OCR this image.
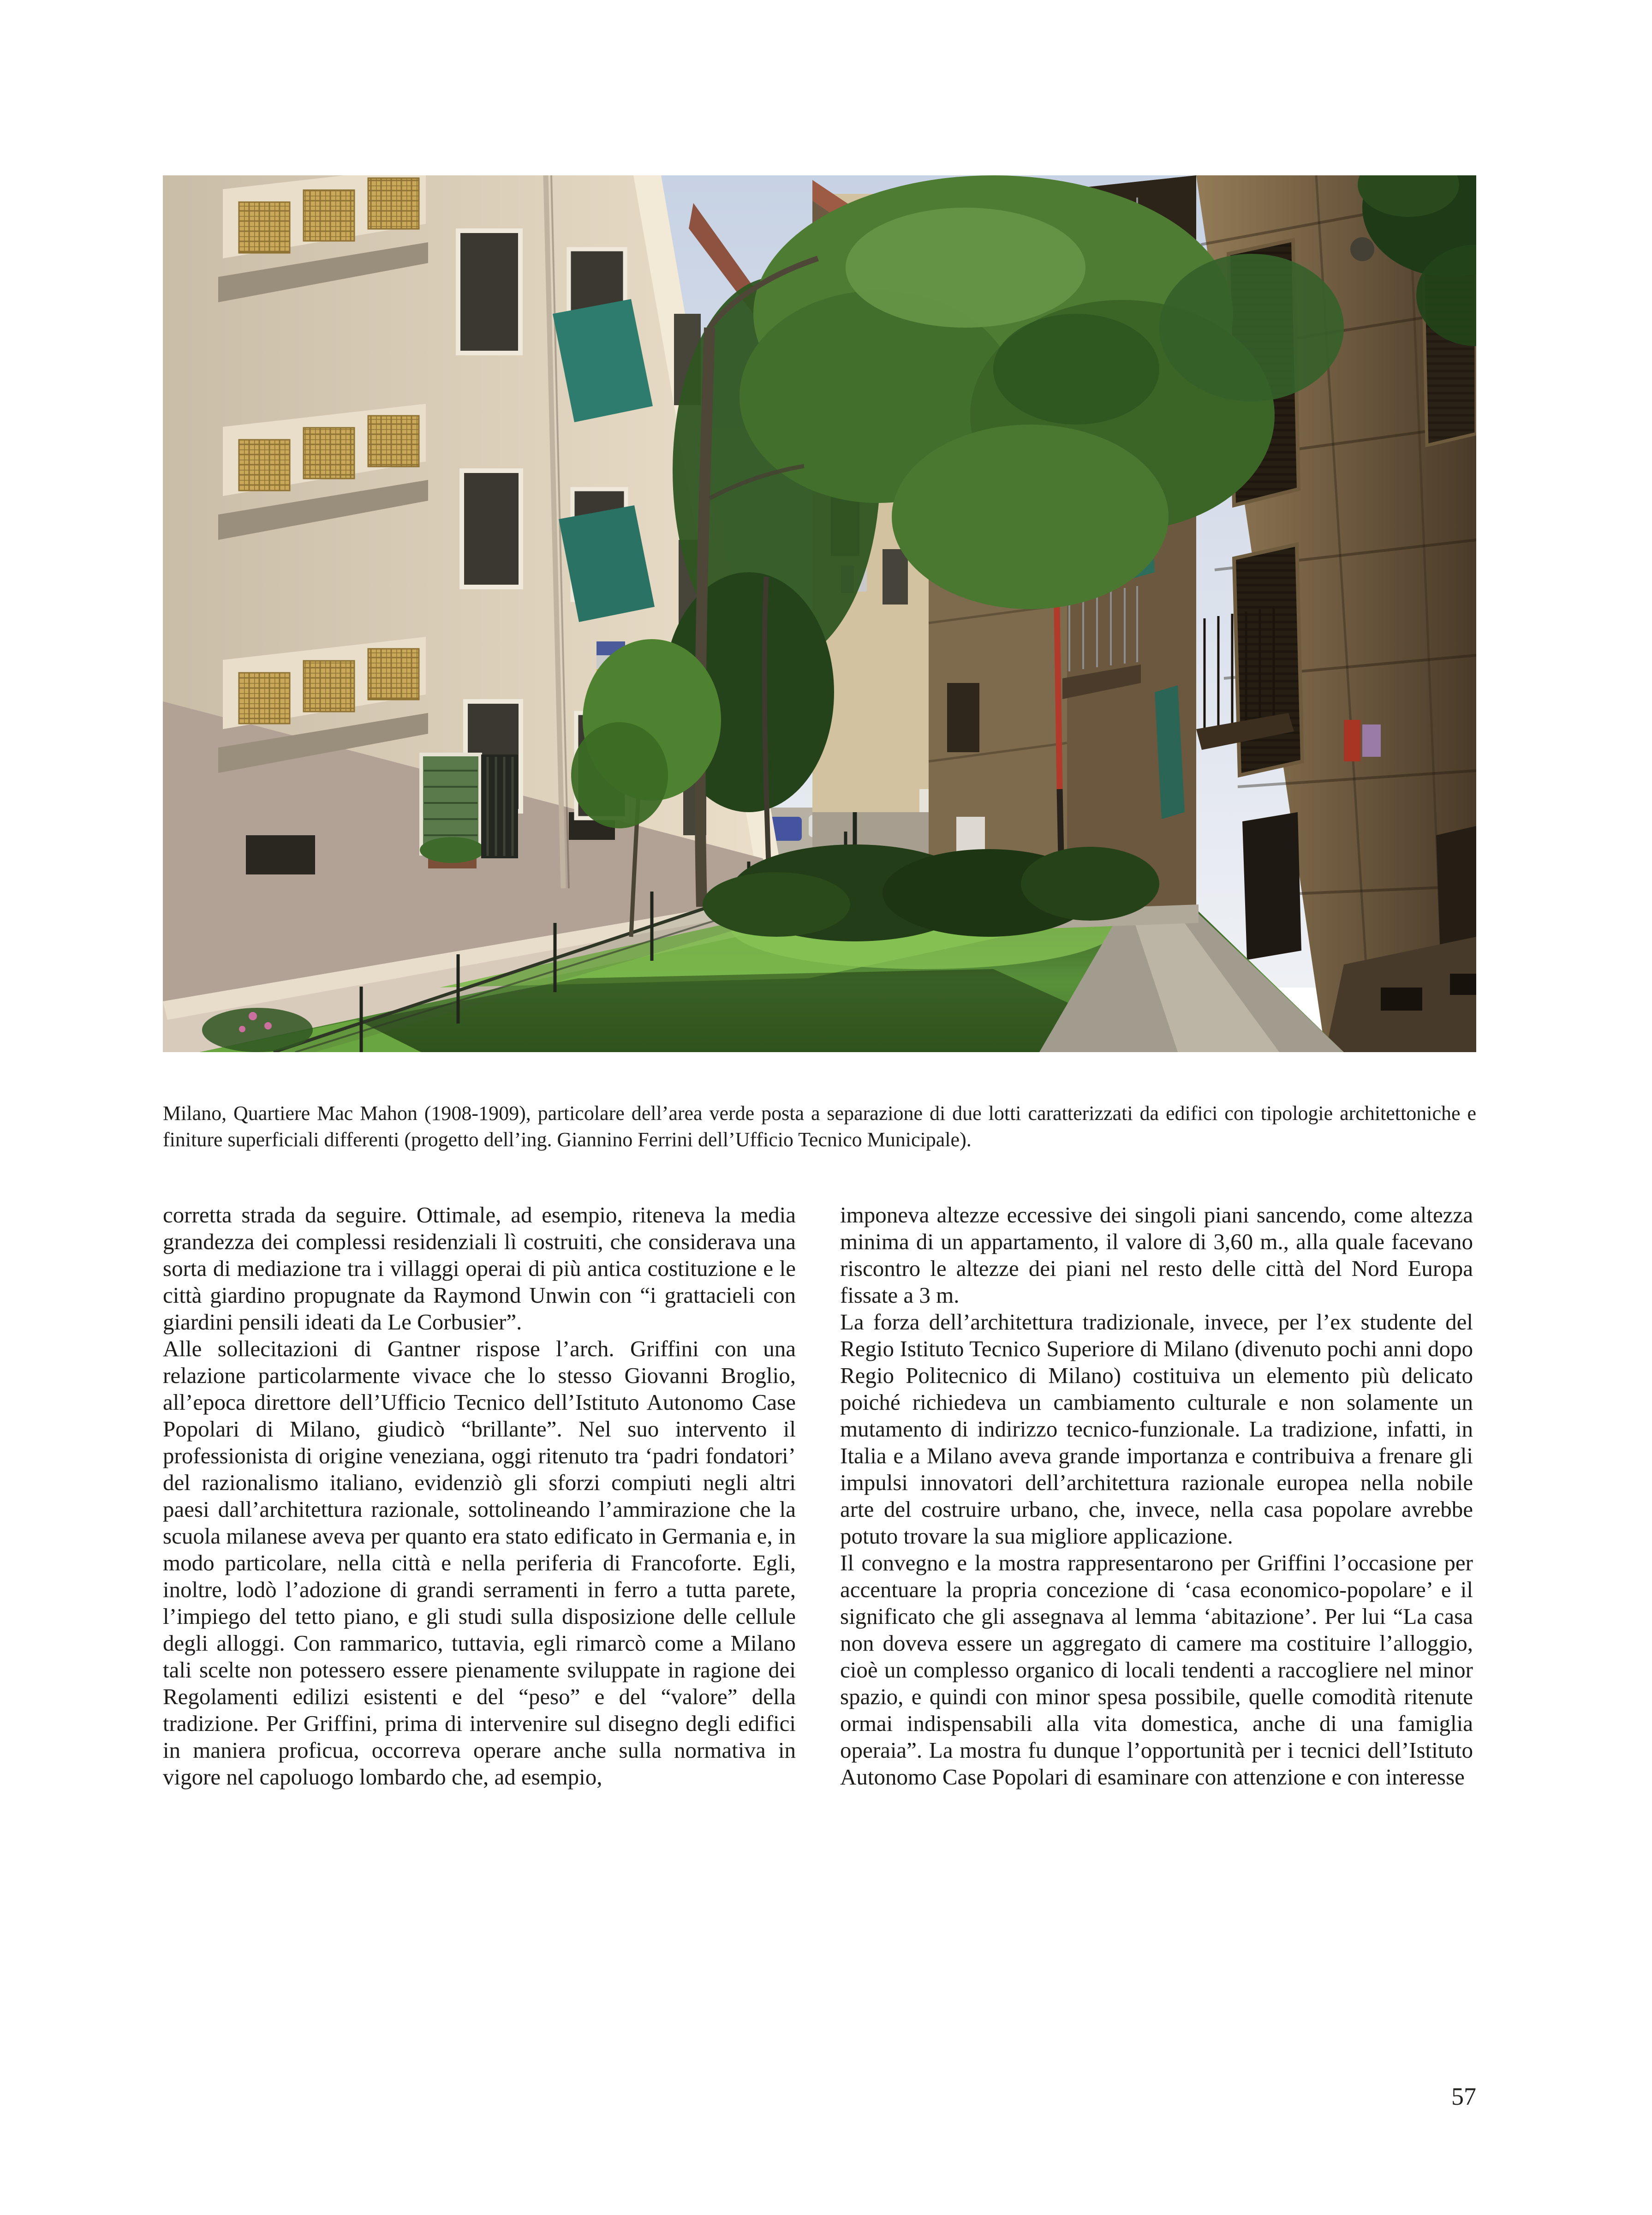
Milano, Quartiere Mac Mahon (1908-1909), particolare dell’area verde posta a separazione di due lotti caratterizzati da edifici con tipologie architettoniche e finiture superficiali differenti (progetto dell’ing. Giannino Ferrini dell’Ufficio Tecnico Municipale).

corretta strada da seguire. Ottimale, ad esempio, riteneva la media grandezza dei complessi residenziali lì costruiti, che considerava una sorta di mediazione tra i villaggi operai di più antica costituzione e le città giardino propugnate da Raymond Unwin con “i grattacieli con giardini pensili ideati da Le Corbusier”.

Alle sollecitazioni di Gantner rispose l’arch. Griffini con una relazione particolarmente vivace che lo stesso Giovanni Broglio, all’epoca direttore dell’Ufficio Tecnico dell’Istituto Autonomo Case Popolari di Milano, giudicò “brillante”. Nel suo intervento il professionista di origine veneziana, oggi ritenuto tra ‘padri fondatori’ del razionalismo italiano, evidenziò gli sforzi compiuti negli altri paesi dall’architettura razionale, sottolineando l’ammirazione che la scuola milanese aveva per quanto era stato edificato in Germania e, in modo particolare, nella città e nella periferia di Francoforte. Egli, inoltre, lodò l’adozione di grandi serramenti in ferro a tutta parete, l’impiego del tetto piano, e gli studi sulla disposizione delle cellule degli alloggi. Con rammarico, tuttavia, egli rimarcò come a Milano tali scelte non potessero essere pienamente sviluppate in ragione dei Regolamenti edilizi esistenti e del “peso” e del “valore” della tradizione. Per Griffini, prima di intervenire sul disegno degli edifici in maniera proficua, occorreva operare anche sulla normativa in vigore nel capoluogo lombardo che, ad esempio,

imponeva altezze eccessive dei singoli piani sancendo, come altezza minima di un appartamento, il valore di 3,60 m., alla quale facevano riscontro le altezze dei piani nel resto delle città del Nord Europa fissate a 3 m.

La forza dell’architettura tradizionale, invece, per l’ex studente del Regio Istituto Tecnico Superiore di Milano (divenuto pochi anni dopo Regio Politecnico di Milano) costituiva un elemento più delicato poiché richiedeva un cambiamento culturale e non solamente un mutamento di indirizzo tecnico-funzionale. La tradizione, infatti, in Italia e a Milano aveva grande importanza e contribuiva a frenare gli impulsi innovatori dell’architettura razionale europea nella nobile arte del costruire urbano, che, invece, nella casa popolare avrebbe potuto trovare la sua migliore applicazione.

Il convegno e la mostra rappresentarono per Griffini l’occasione per accentuare la propria concezione di ‘casa economico-popolare’ e il significato che gli assegnava al lemma ‘abitazione’. Per lui “La casa non doveva essere un aggregato di camere ma costituire l’alloggio, cioè un complesso organico di locali tendenti a raccogliere nel minor spazio, e quindi con minor spesa possibile, quelle comodità ritenute ormai indispensabili alla vita domestica, anche di una famiglia operaia”. La mostra fu dunque l’opportunità per i tecnici dell’Istituto Autonomo Case Popolari di esaminare con attenzione e con interesse

57
